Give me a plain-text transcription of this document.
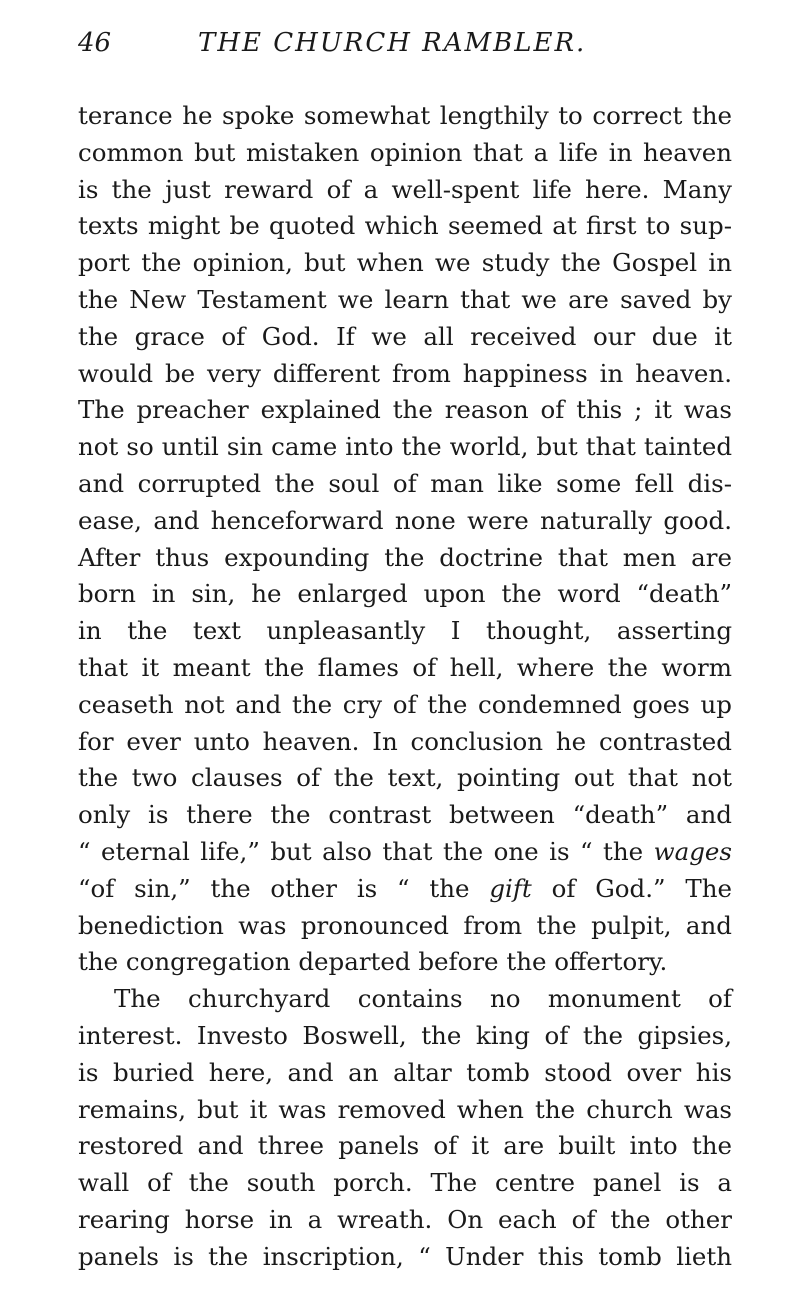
46	THE CHURCH RAMBLER.
terance he spoke somewhat lengthily to correct the
common but mistaken opinion that a life in heaven
is the just reward of a well-spent life here. Many
texts might be quoted which seemed at first to sup-
port the opinion, but when we study the Gospel in
the New Testament we learn that we are saved by
the grace of God. If we all received our due it
would be very different from happiness in heaven.
The preacher explained the reason of this ; it was
not so until sin came into the world, but that tainted
and corrupted the soul of man like some fell dis-
ease, and henceforward none were naturally good.
After thus expounding the doctrine that men are
born in sin, he enlarged upon the word “death”
in the text unpleasantly I thought, asserting
that it meant the flames of hell, where the worm
ceaseth not and the cry of the condemned goes up
for ever unto heaven. In conclusion he contrasted
the two clauses of the text, pointing out that not
only is there the contrast between “death” and
“ eternal life,” but also that the one is “ the wages
“of sin,” the other is “ the gift of God.” The
benediction was pronounced from the pulpit, and
the congregation departed before the offertory.
The churchyard contains no monument of
interest. Investo Boswell, the king of the gipsies,
is buried here, and an altar tomb stood over his
remains, but it was removed when the church was
restored and three panels of it are built into the
wall of the south porch. The centre panel is a
rearing horse in a wreath. On each of the other
panels is the inscription, “ Under this tomb lieth
